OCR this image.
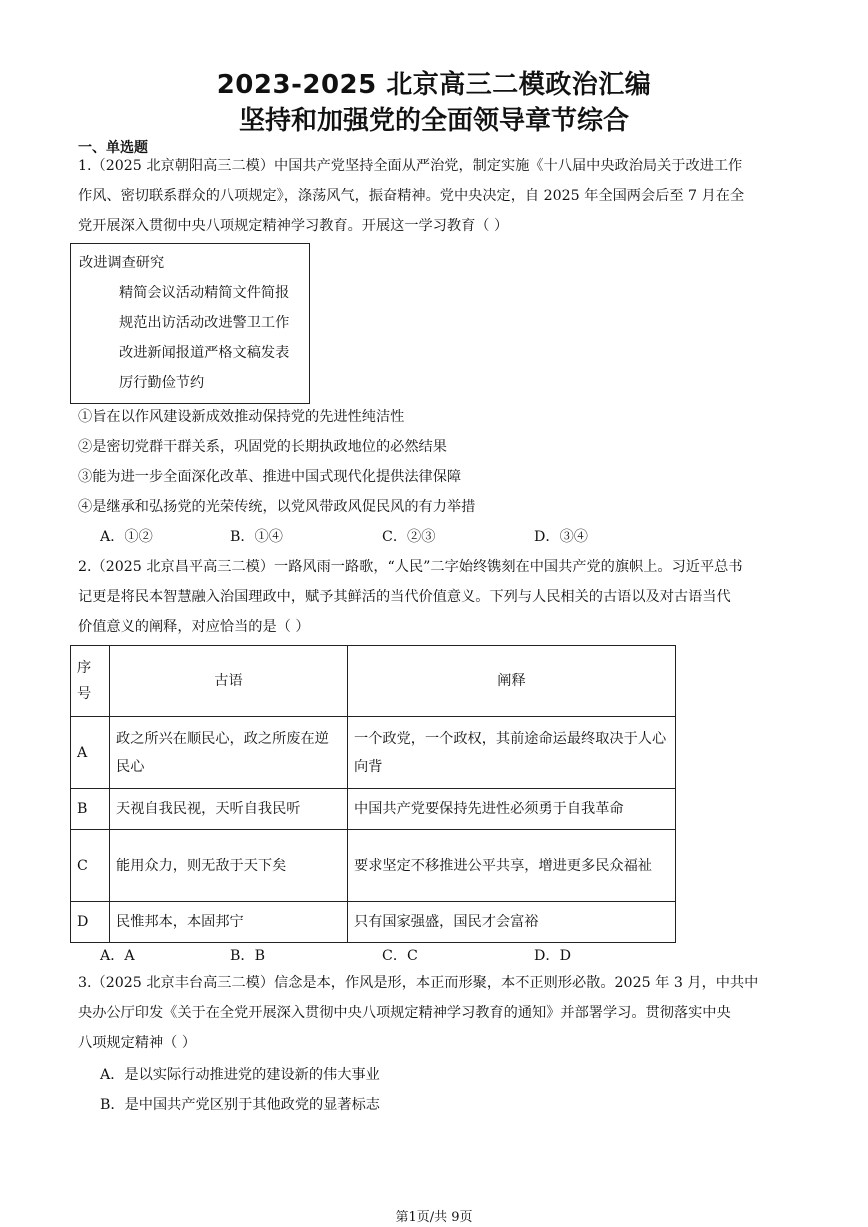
2023-2025 北京高三二模政治汇编
坚持和加强党的全面领导章节综合
一、单选题
1.（2025 北京朝阳高三二模）中国共产党坚持全面从严治党，制定实施《十八届中央政治局关于改进工作
作风、密切联系群众的八项规定》，涤荡风气，振奋精神。党中央决定，自 2025 年全国两会后至 7 月在全
党开展深入贯彻中央八项规定精神学习教育。开展这一学习教育（ ）
改进调查研究
精简会议活动精简文件简报
规范出访活动改进警卫工作
改进新闻报道严格文稿发表
厉行勤俭节约
①旨在以作风建设新成效推动保持党的先进性纯洁性
②是密切党群干群关系，巩固党的长期执政地位的必然结果
③能为进一步全面深化改革、推进中国式现代化提供法律保障
④是继承和弘扬党的光荣传统，以党风带政风促民风的有力举措
A．①②	B．①④	C．②③	D．③④
2.（2025 北京昌平高三二模）一路风雨一路歌，“人民”二字始终镌刻在中国共产党的旗帜上。习近平总书
记更是将民本智慧融入治国理政中，赋予其鲜活的当代价值意义。下列与人民相关的古语以及对古语当代
价值意义的阐释，对应恰当的是（ ）
序号	古语	阐释
A	政之所兴在顺民心，政之所废在逆民心	一个政党，一个政权，其前途命运最终取决于人心向背
B	天视自我民视，天听自我民听	中国共产党要保持先进性必须勇于自我革命
C	能用众力，则无敌于天下矣	要求坚定不移推进公平共享，增进更多民众福祉
D	民惟邦本，本固邦宁	只有国家强盛，国民才会富裕
A．A	B．B	C．C	D．D
3.（2025 北京丰台高三二模）信念是本，作风是形，本正而形聚，本不正则形必散。2025 年 3 月，中共中
央办公厅印发《关于在全党开展深入贯彻中央八项规定精神学习教育的通知》并部署学习。贯彻落实中央
八项规定精神（ ）
A．是以实际行动推进党的建设新的伟大事业
B．是中国共产党区别于其他政党的显著标志
第1页/共 9页
